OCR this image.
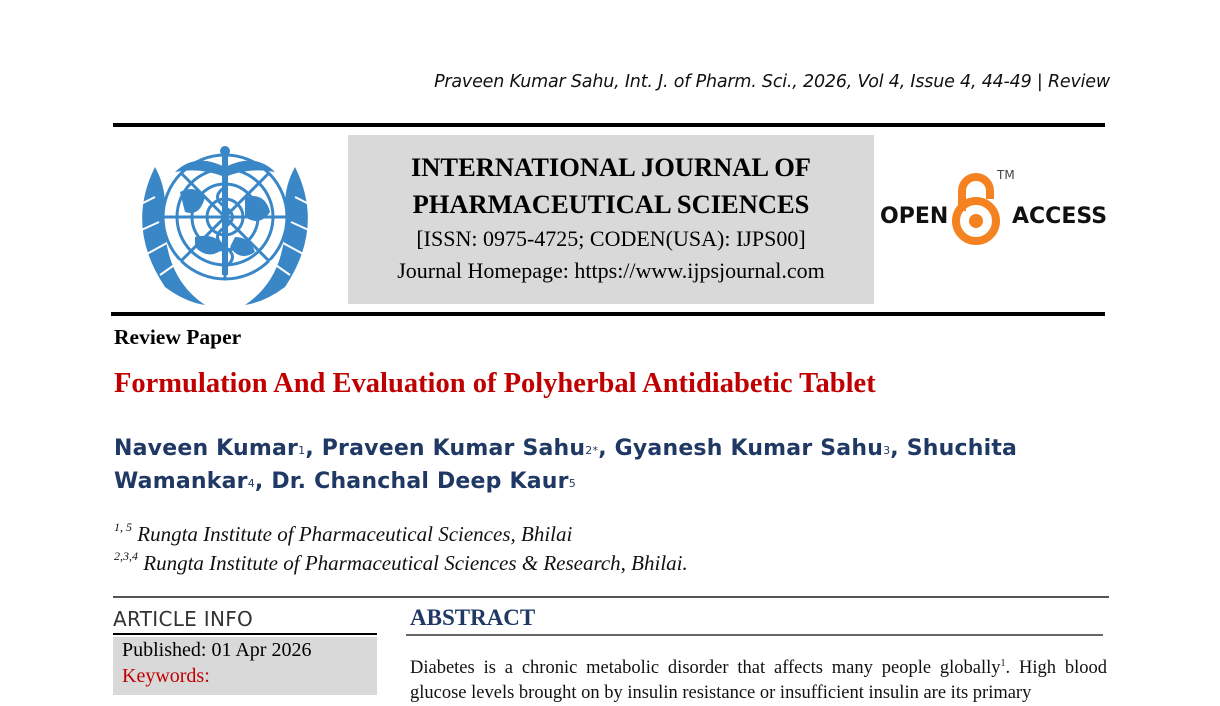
Praveen Kumar Sahu, Int. J. of Pharm. Sci., 2026, Vol 4, Issue 4, 44-49 | Review
INTERNATIONAL JOURNAL OF
PHARMACEUTICAL SCIENCES
[ISSN: 0975-4725; CODEN(USA): IJPS00]
Journal Homepage: https://www.ijpsjournal.com
OPEN
TM
ACCESS
Review Paper
Formulation And Evaluation of Polyherbal Antidiabetic Tablet
Naveen Kumar$^1$, Praveen Kumar Sahu$^{2*}$, Gyanesh Kumar Sahu$^3$, Shuchita Wamankar$^4$, Dr. Chanchal Deep Kaur$^5$
$^{1, 5}$ Rungta Institute of Pharmaceutical Sciences, Bhilai
$^{2,3,4}$ Rungta Institute of Pharmaceutical Sciences & Research, Bhilai.
ARTICLE INFO
Published: 01 Apr 2026
Keywords:
ABSTRACT
Diabetes is a chronic metabolic disorder that affects many people globally$^1$. High blood glucose levels brought on by insulin resistance or insufficient insulin are its primary
